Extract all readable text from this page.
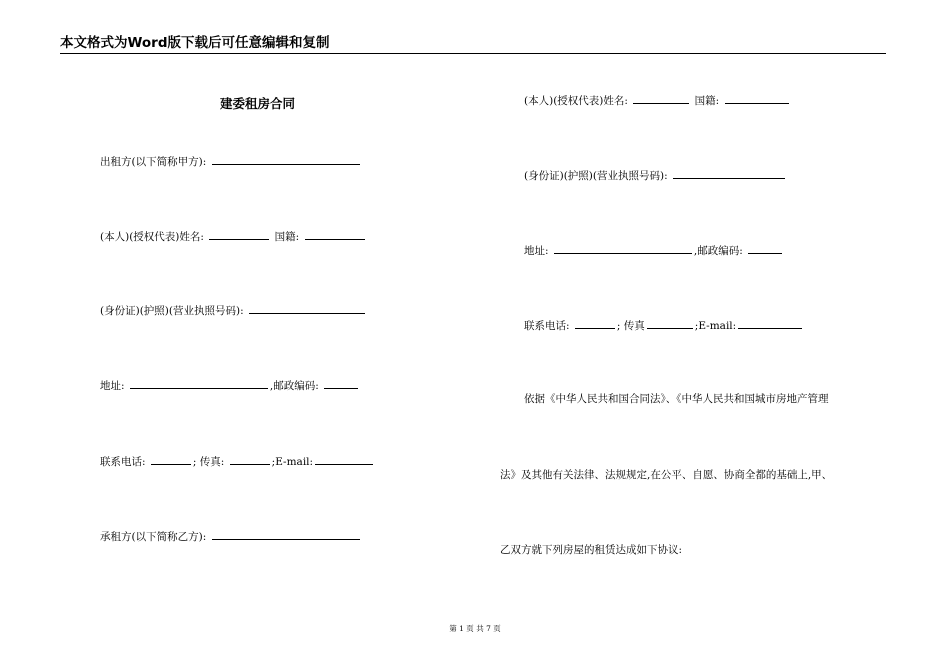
本文格式为Word版下载后可任意编辑和复制
建委租房合同
出租方(以下简称甲方):
(本人)(授权代表)姓名:	国籍:
(身份证)(护照)(营业执照号码):
地址:	,邮政编码:
联系电话:	; 传真:	;E-mail:
承租方(以下简称乙方):
(本人)(授权代表)姓名:	国籍:
(身份证)(护照)(营业执照号码):
地址:	,邮政编码:
联系电话:	; 传真	;E-mail:
依据《中华人民共和国合同法》、《中华人民共和国城市房地产管理
法》及其他有关法律、法规规定,在公平、自愿、协商全都的基础上,甲、
乙双方就下列房屋的租赁达成如下协议:
第 1 页 共 7 页
